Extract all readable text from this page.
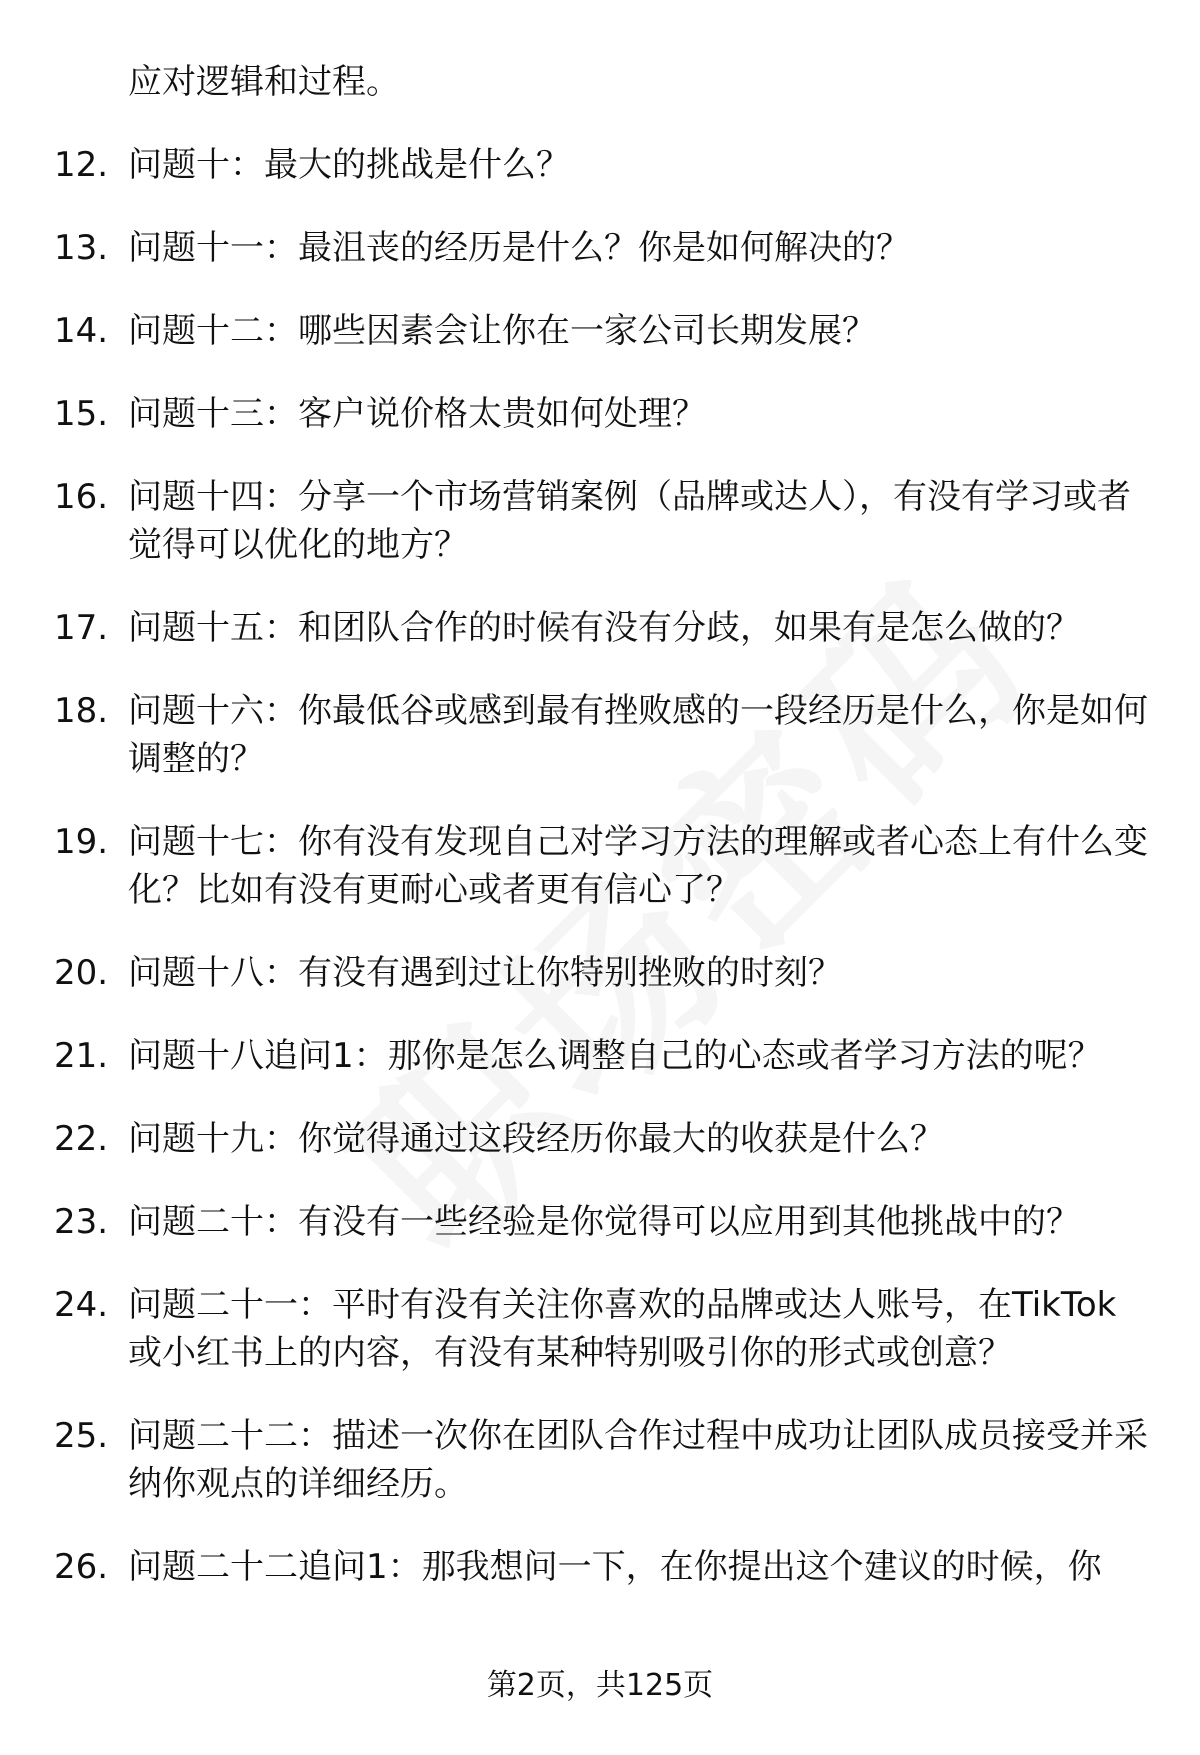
应对逻辑和过程。
12. 问题十：最大的挑战是什么？
13. 问题十一：最沮丧的经历是什么？你是如何解决的？
14. 问题十二：哪些因素会让你在一家公司长期发展？
15. 问题十三：客户说价格太贵如何处理？
16. 问题十四：分享一个市场营销案例（品牌或达人），有没有学习或者觉得可以优化的地方？
17. 问题十五：和团队合作的时候有没有分歧，如果有是怎么做的？
18. 问题十六：你最低谷或感到最有挫败感的一段经历是什么，你是如何调整的？
19. 问题十七：你有没有发现自己对学习方法的理解或者心态上有什么变化？比如有没有更耐心或者更有信心了？
20. 问题十八：有没有遇到过让你特别挫败的时刻？
21. 问题十八追问1：那你是怎么调整自己的心态或者学习方法的呢？
22. 问题十九：你觉得通过这段经历你最大的收获是什么？
23. 问题二十：有没有一些经验是你觉得可以应用到其他挑战中的？
24. 问题二十一：平时有没有关注你喜欢的品牌或达人账号，在TikTok或小红书上的内容，有没有某种特别吸引你的形式或创意？
25. 问题二十二：描述一次你在团队合作过程中成功让团队成员接受并采纳你观点的详细经历。
26. 问题二十二追问1：那我想问一下，在你提出这个建议的时候，你
第2页，共125页
